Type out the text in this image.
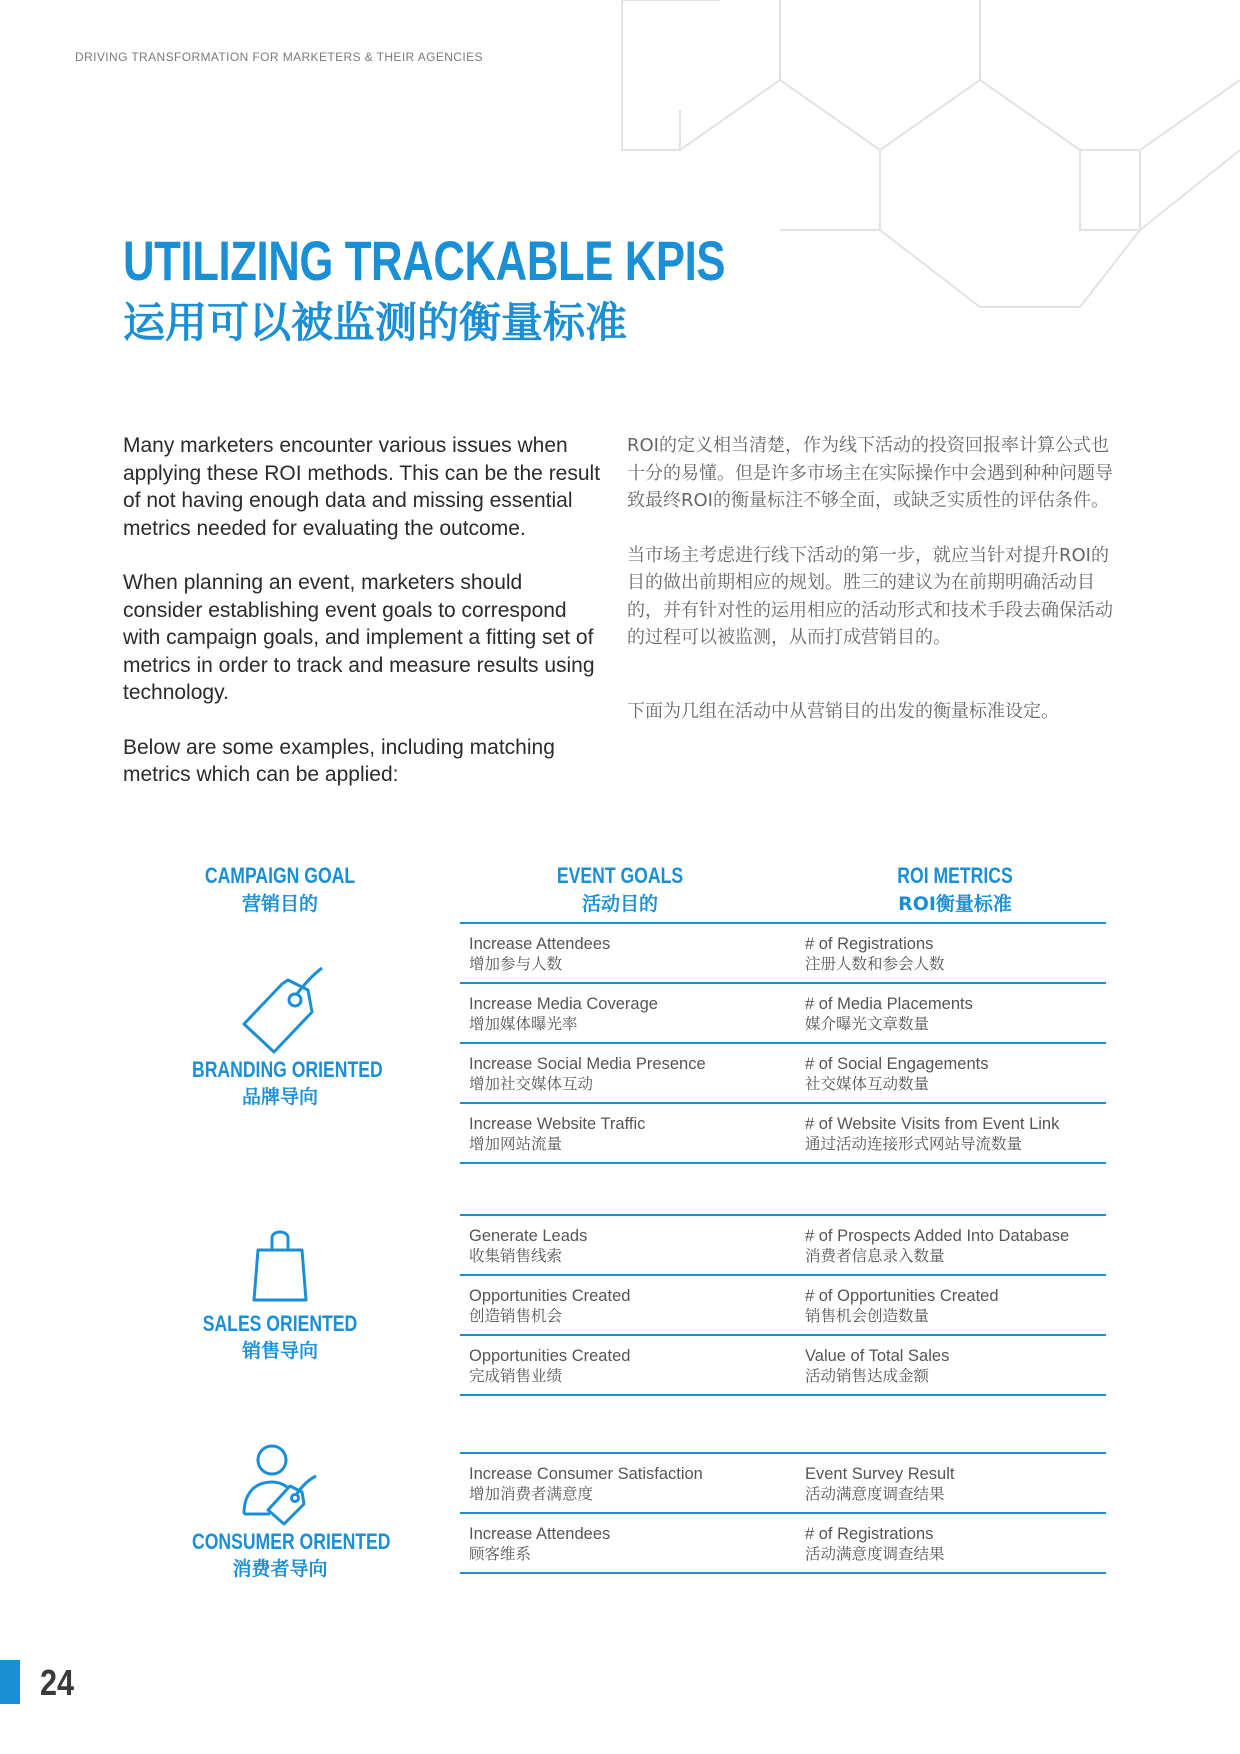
DRIVING TRANSFORMATION FOR MARKETERS & THEIR AGENCIES
UTILIZING TRACKABLE KPIS
运用可以被监测的衡量标准

Many marketers encounter various issues when applying these ROI methods. This can be the result of not having enough data and missing essential metrics needed for evaluating the outcome.

When planning an event, marketers should consider establishing event goals to correspond with campaign goals, and implement a fitting set of metrics in order to track and measure results using technology.

Below are some examples, including matching metrics which can be applied:

ROI的定义相当清楚，作为线下活动的投资回报率计算公式也十分的易懂。但是许多市场主在实际操作中会遇到种种问题导致最终ROI的衡量标注不够全面，或缺乏实质性的评估条件。

当市场主考虑进行线下活动的第一步，就应当针对提升ROI的目的做出前期相应的规划。胜三的建议为在前期明确活动目的，并有针对性的运用相应的活动形式和技术手段去确保活动的过程可以被监测，从而打成营销目的。

下面为几组在活动中从营销目的出发的衡量标准设定。

CAMPAIGN GOAL
营销目的
EVENT GOALS
活动目的
ROI METRICS
ROI衡量标准
BRANDING ORIENTED
品牌导向
Increase Attendees
增加参与人数
# of Registrations
注册人数和参会人数
Increase Media Coverage
增加媒体曝光率
# of Media Placements
媒介曝光文章数量
Increase Social Media Presence
增加社交媒体互动
# of Social Engagements
社交媒体互动数量
Increase Website Traffic
增加网站流量
# of Website Visits from Event Link
通过活动连接形式网站导流数量
SALES ORIENTED
销售导向
Generate Leads
收集销售线索
# of Prospects Added Into Database
消费者信息录入数量
Opportunities Created
创造销售机会
# of Opportunities Created
销售机会创造数量
Opportunities Created
完成销售业绩
Value of Total Sales
活动销售达成金额
CONSUMER ORIENTED
消费者导向
Increase Consumer Satisfaction
增加消费者满意度
Event Survey Result
活动满意度调查结果
Increase Attendees
顾客维系
# of Registrations
活动满意度调查结果
24
